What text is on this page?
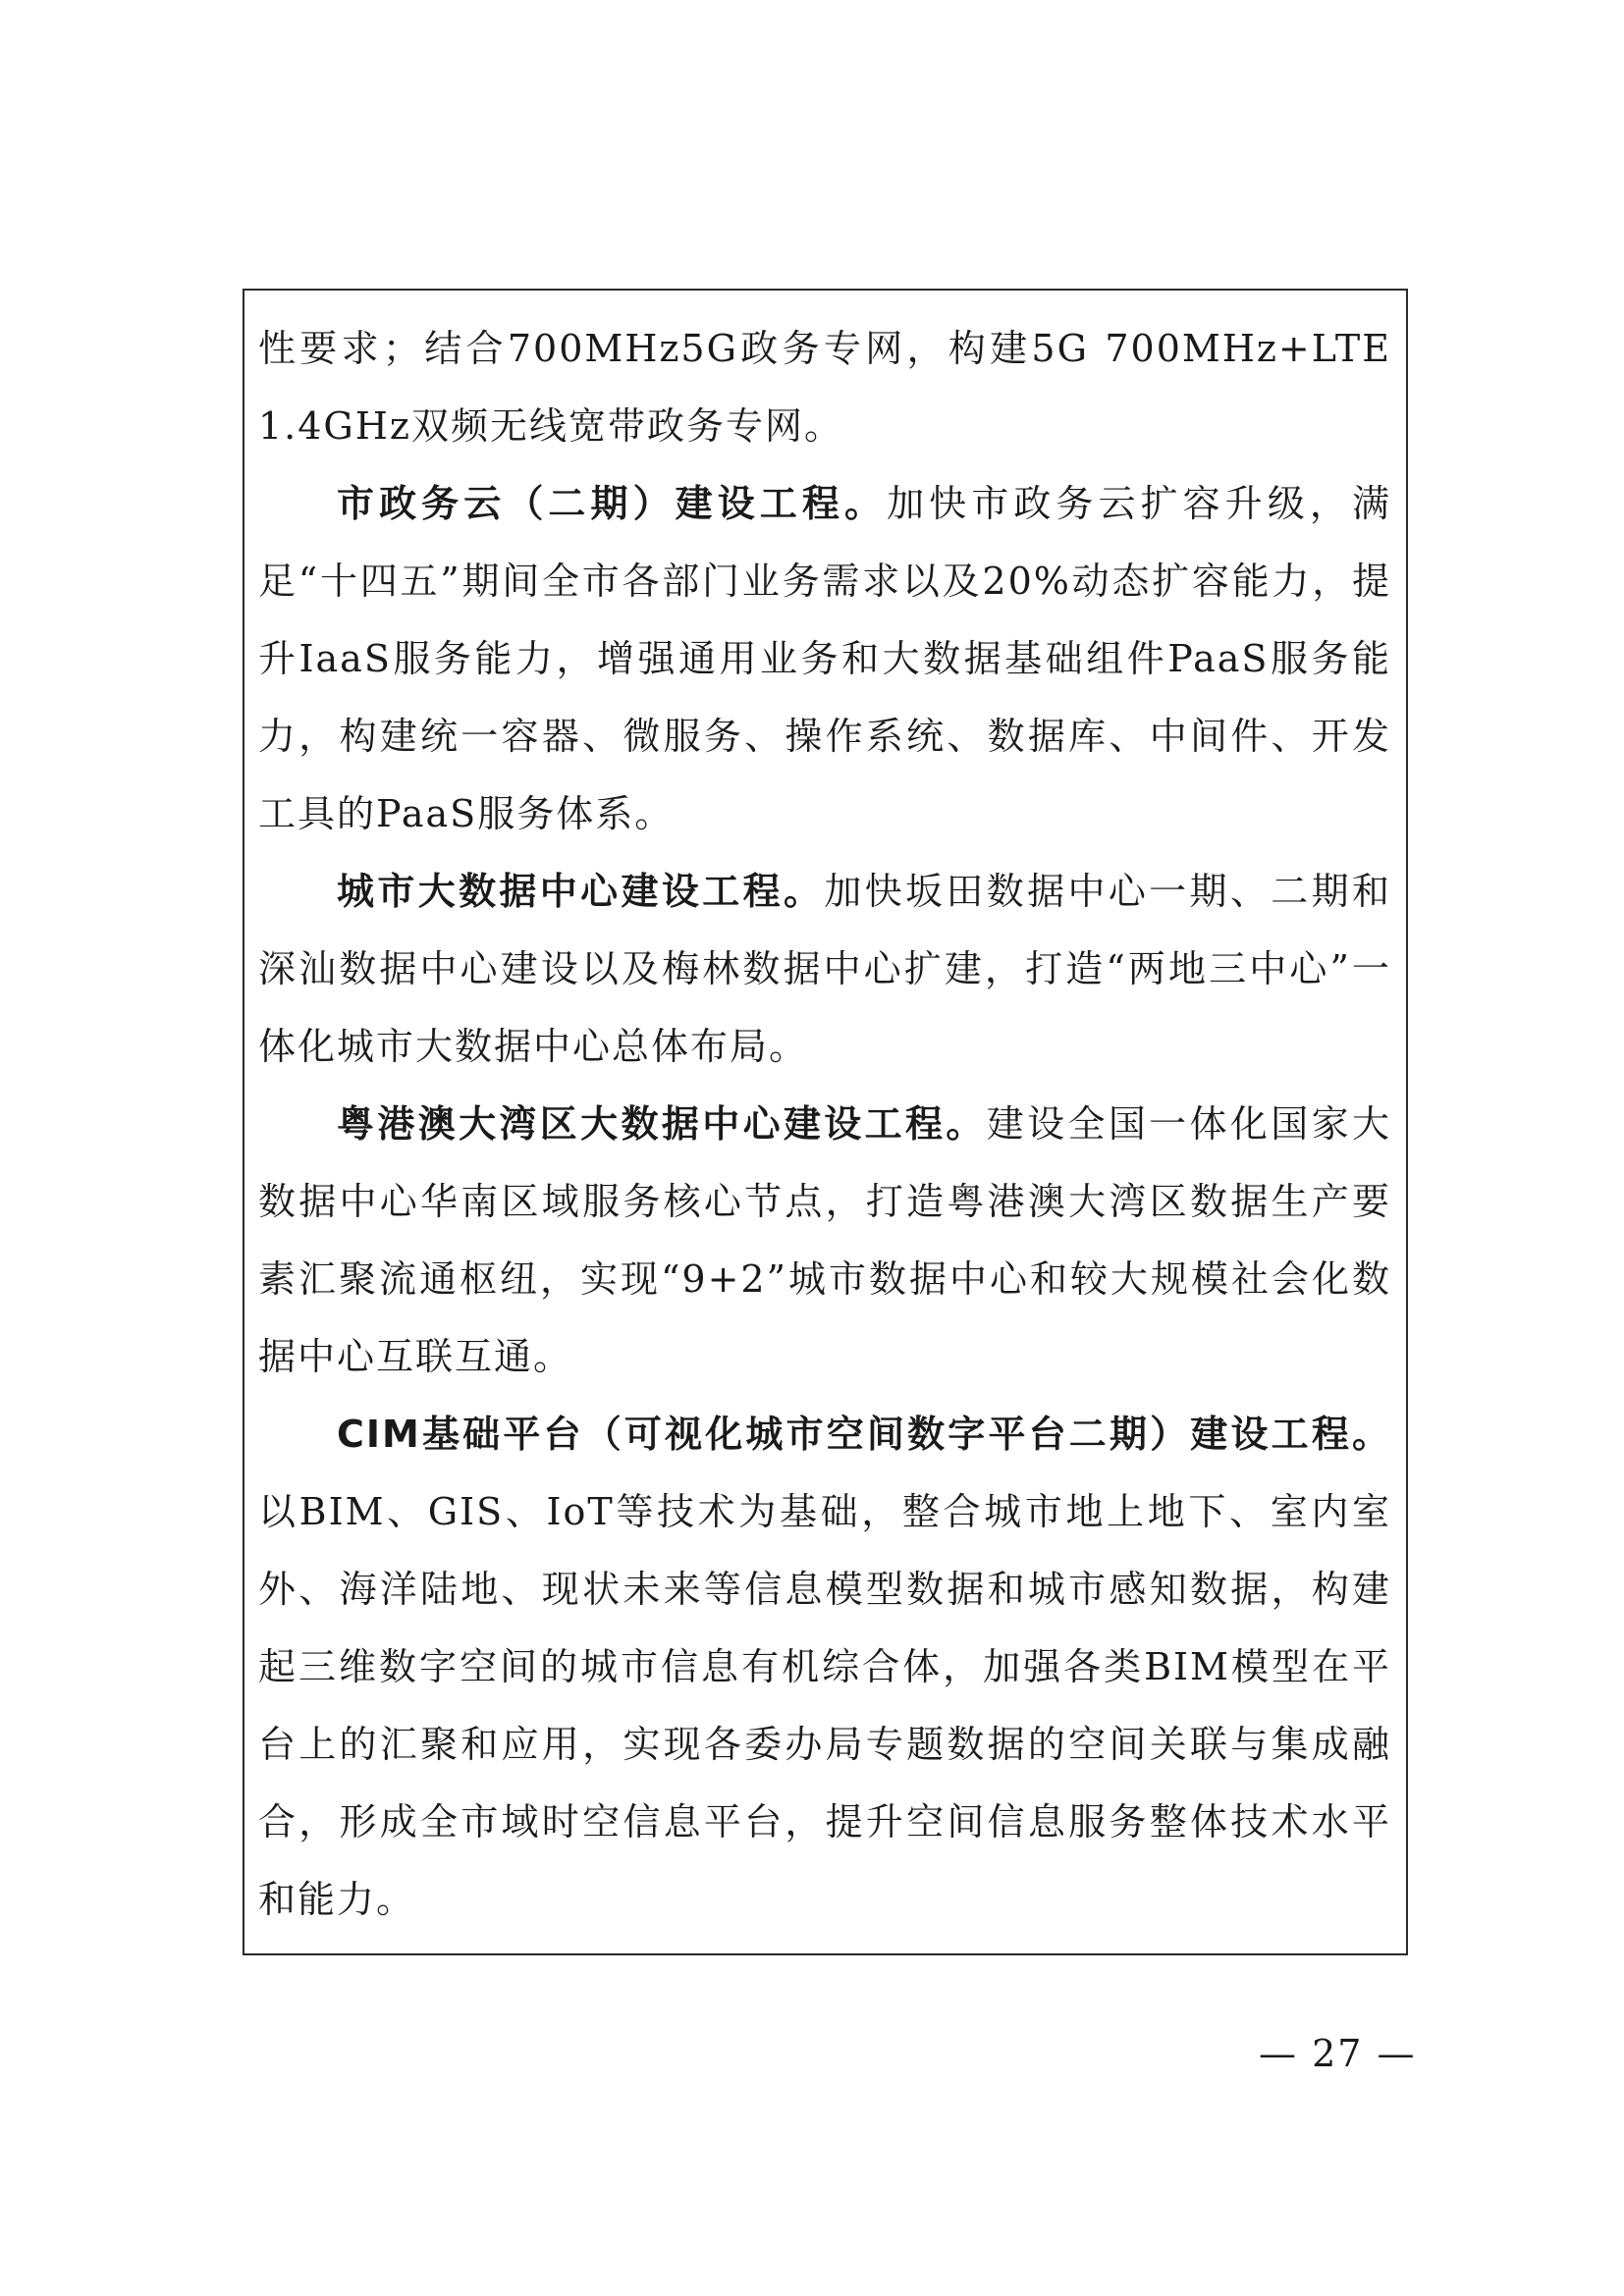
性要求；结合700MHz5G政务专网，构建5G 700MHz+LTE 1.4GHz双频无线宽带政务专网。

市政务云（二期）建设工程。加快市政务云扩容升级，满足“十四五”期间全市各部门业务需求以及20%动态扩容能力，提升IaaS服务能力，增强通用业务和大数据基础组件PaaS服务能力，构建统一容器、微服务、操作系统、数据库、中间件、开发工具的PaaS服务体系。

城市大数据中心建设工程。加快坂田数据中心一期、二期和深汕数据中心建设以及梅林数据中心扩建，打造“两地三中心”一体化城市大数据中心总体布局。

粤港澳大湾区大数据中心建设工程。建设全国一体化国家大数据中心华南区域服务核心节点，打造粤港澳大湾区数据生产要素汇聚流通枢纽，实现“9+2”城市数据中心和较大规模社会化数据中心互联互通。

CIM基础平台（可视化城市空间数字平台二期）建设工程。以BIM、GIS、IoT等技术为基础，整合城市地上地下、室内室外、海洋陆地、现状未来等信息模型数据和城市感知数据，构建起三维数字空间的城市信息有机综合体，加强各类BIM模型在平台上的汇聚和应用，实现各委办局专题数据的空间关联与集成融合，形成全市域时空信息平台，提升空间信息服务整体技术水平和能力。

— 27 —
